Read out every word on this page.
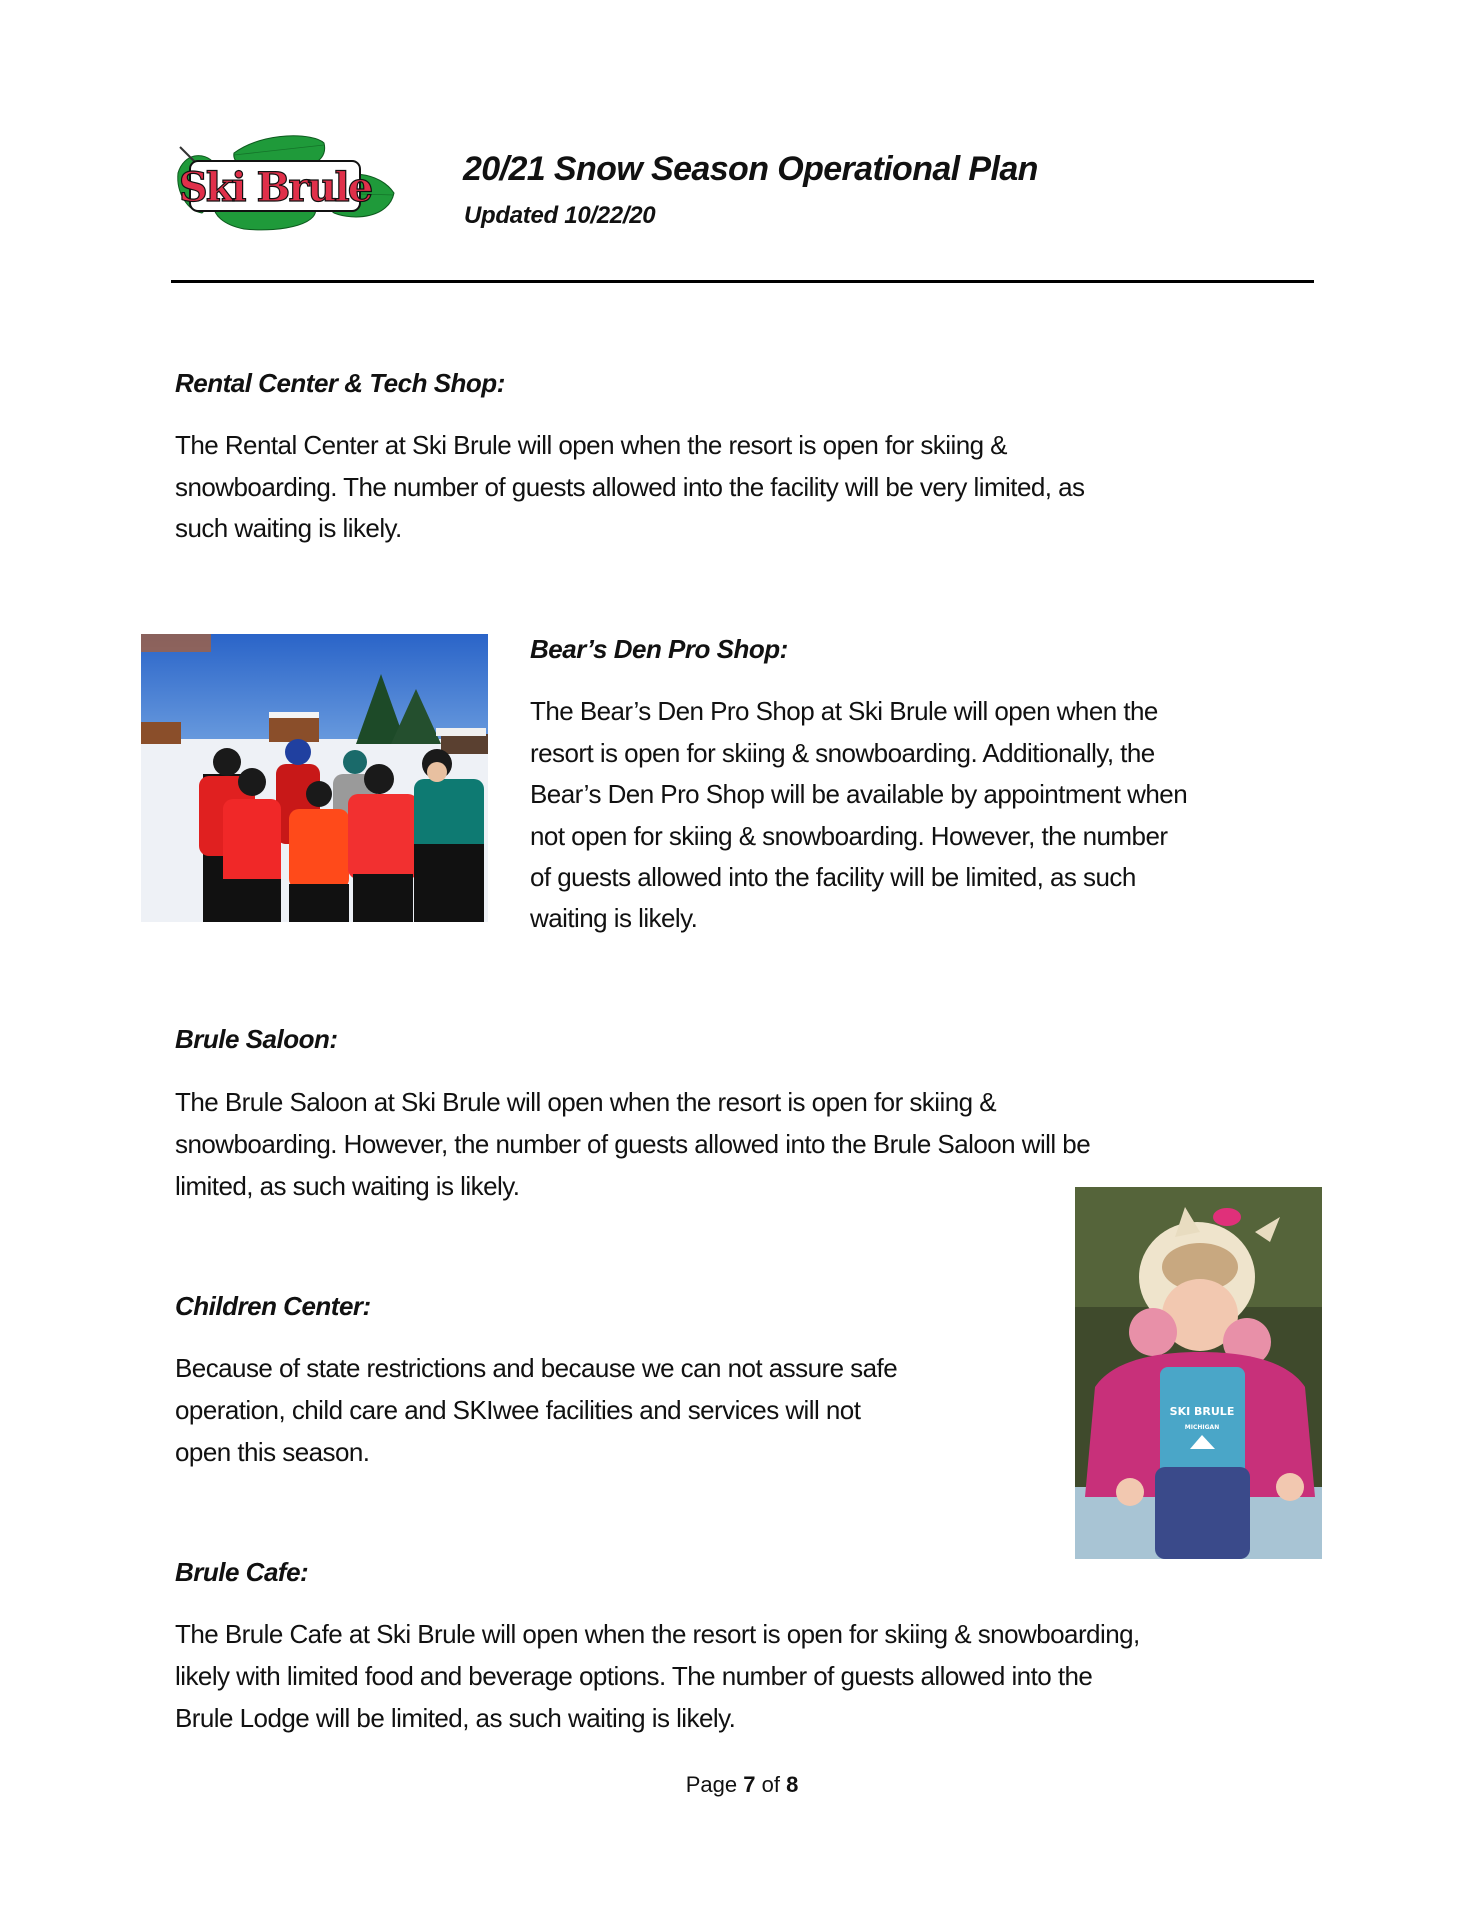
Ski Brule	20/21 Snow Season Operational Plan
Updated 10/22/20
Rental Center & Tech Shop:
The Rental Center at Ski Brule will open when the resort is open for skiing &
snowboarding. The number of guests allowed into the facility will be very limited, as
such waiting is likely.
Bear’s Den Pro Shop:
The Bear’s Den Pro Shop at Ski Brule will open when the
resort is open for skiing & snowboarding. Additionally, the
Bear’s Den Pro Shop will be available by appointment when
not open for skiing & snowboarding. However, the number
of guests allowed into the facility will be limited, as such
waiting is likely.
Brule Saloon:
The Brule Saloon at Ski Brule will open when the resort is open for skiing &
snowboarding. However, the number of guests allowed into the Brule Saloon will be
limited, as such waiting is likely.
SKI BRULE
MICHIGAN
Children Center:
Because of state restrictions and because we can not assure safe
operation, child care and SKIwee facilities and services will not
open this season.
Brule Cafe:
The Brule Cafe at Ski Brule will open when the resort is open for skiing & snowboarding,
likely with limited food and beverage options. The number of guests allowed into the
Brule Lodge will be limited, as such waiting is likely.
Page 7 of 8
